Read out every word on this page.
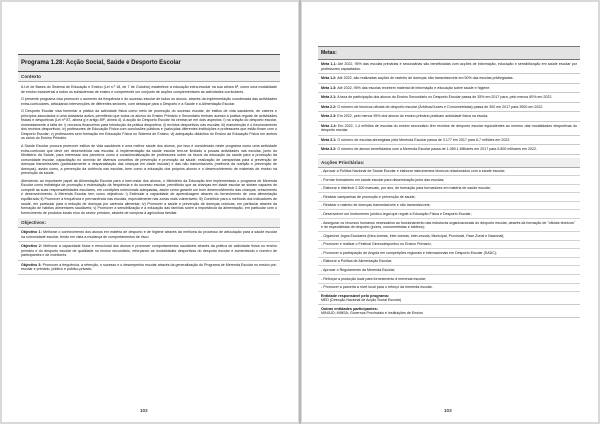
Programa 1.28: Acção Social, Saúde e Desporto Escolar
Contexto

A Lei de Bases do Sistema de Educação e Ensino (Lei n.º 18, de 7 de Outubro) estabelece a educação extra-escolar na sua alínea 6ª, como uma modalidade de ensino transversal a todos os subsistemas de ensino e compreende um conjunto de acções complementares às actividades curriculares.

O presente programa visa promover o aumento da frequência e do sucesso escolar de todos os alunos, através da implementação coordenada das actividades extra-curriculares, articulando intervenções de diferentes sectores, com destaque para o Desporto e a Saúde e a Alimentação Escolar.

O Desporto Escolar visa fomentar a prática da actividade física como meio de promoção do sucesso escolar, de estilos de vida saudáveis, de valores e princípios associados a uma cidadania activa, permitindo que todos os alunos do Ensino Primário e Secundário tenham acesso à prática regular de actividades físicas e desportivas (Lei nº 87, alínea g e artigo 89º, alínea 4). A acção do Desporto Escolar irá centrar-se em dois aspectos: i) na criação do desporto escolar, nomeadamente a falta de: i) recursos financeiros para introdução da prática desportiva; ii) recintos desportivos nas escolas; iii) manutenção e o funcionamento dos recintos desportivos; iv) professores de Educação Física com conclusões públicos e (salvo)das diferentes instituições e professores que estão fixam com o Desporto Escolar; v) professores sem formação em Educação Física no Sistema de Ensino; vi) adequação didáctica do Ensino da Educação Física em ambos os ciclos do Ensino Primário.

A Saúde Escolar procura promover estilos de vida saudáveis e uma melhor saúde dos alunos, por isso é considerado neste programa como uma actividade extra-curricular que deve ser desenvolvida nas escolas. A implementação da saúde escolar tem-se limitado a poucas actividades nas escolas, junto do Ministério da Saúde, para interessar dos parceiros como a consciencialização de professores sobre os riscos da educação da saúde para a promoção da comunidade escolar, capacitação no domínio de diversos conceitos de prevenção e promoção da saúde, realização de campanhas para a prevenção de doenças transmissíveis (particularmente a desparasitação das crianças em idade escolar) e das não transmissíveis (melhoria da nutrição e prevenção de doenças), assim como, a prevenção da violência nas escolas, bem como a educação dos próprios alunos e o desenvolvimento de materiais de ensino na prevenção da saúde.

Atendendo ao importante papel da Alimentação Escolar para o bem-estar dos alunos, o Ministério da Educação tem implementado o programa de Merenda Escolar como estratégia de promoção e estimulação da frequência e do sucesso escolar, permitindo que as crianças em idade escolar se sintam capazes de competir as suas responsabilidades escolares, em condições nutricionais adequadas, assim como garantir um bom desenvolvimento das crianças, crescimento e desenvolvimento. A Merenda Escolar tem como objectivos: i) Estimular a capacidade de aprendizagem através do fornecimento de uma alimentação equilibrada; ii) Promover a frequência e permanência nas escolas, especialmente nas zonas mais vulneráveis; iii) Contribuir para a melhoria dos indicadores de saúde, em particular para a redução de doenças por carência alimentar; iv) Promover a saúde e prevenção de doenças crónicas, em particular através da formação de hábitos alimentares saudáveis; v) Promover a sensibilização e a educação das famílias sobre a importância da alimentação, em particular com o fornecimento de produtos locais e/ou do sector primário, através de compras à agricultura familiar.

Objectivos:
Objectivo 1: Melhorar o conhecimento dos alunos em matéria de desporto e de higiene através da melhoria do processo de articulação para a saúde escolar na comunidade escolar, tendo em vista a mudança de comportamentos de risco.
Objectivo 2: Melhorar a capacidade física e emocional dos alunos e promover comportamentos saudáveis através da prática de actividade física no ensino primário e do desporto escolar de qualidade no ensino secundário, reforçando as modalidades desportivas do desporto escolar e aumentando o número de participantes e de monitores.
Objectivo 3: Promover a frequência, a retenção, o sucesso e o desempenho escolar através da generalização do Programa de Merenda Escolar no ensino pré-escolar e primário, público e público-privado.
102
Metas:
Meta 1.1: Até 2022, 95% das escolas primárias e secundárias são beneficiadas com acções de informação, educação e sensibilização em saúde escolar por professores capacitados.
Meta 1.2: Até 2022, são realizadas acções de rastreio de doenças não transmissíveis em 50% das escolas privilegiadas.
Meta 1.3: Até 2022, 95% das escolas recebem material de informação e educação sobre saúde e higiene.
Meta 2.1: A taxa de participação dos alunos do Ensino Secundário no Desporto Escolar passa de 35% em 2017 para, pelo menos 60% em 2022.
Meta 2.2: O número de técnicos oficiais de desporto escolar (Árbitros/Juízes e Cronometristas) passa de 300 em 2017 para 3500 em 2022.
Meta 2.3: Em 2022, pelo menos 95% dos alunos do ensino primário praticam actividade física na escola.
Meta 2.4: Em 2022, 1,4 milhões de escolas do ensino secundário têm recintos de desporto escolar equivalentes ao número das modalidades desportivas do desporto escolar.
Meta 3.1: O número de escolas abrangidas pela Merenda Escolar passa de 3.177 em 2017 para 6.7 milhões em 2022.
Meta 3.2: O número de alunos beneficiados com a Merenda Escolar passa de 1.089.1 Milhares em 2017 para 5.800 milhares em 2022.
Acções Prioritárias:
- Aprovar a Política Nacional de Saúde Escolar e elaborar instrumentos técnicos relacionados com a saúde escolar;
- Formar formadores em saúde escolar para disseminação junto das escolas;
- Elaborar e distribuir 2.300 manuais, por ano, de formação para formadores em matéria de saúde escolar;
- Realizar campanhas de promoção e prevenção de saúde;
- Realizar o rastreio de doenças transmissíveis e não transmissíveis;
- Desenvolver um Instrumento jurídico-legal que regule a Educação Física e Desporto Escolar;
- Assegurar os recursos humanos necessários ao funcionamento das estruturas organizacionais do desporto escolar, através da formação de "oficiais técnicos" e de especialistas de desporto (juízes, cronometristas e árbitros);
- Organizar Jogos Escolares (intra-turmas, inter-turmas, inter-escola, Municipal, Provincial, Fase Zonal e Nacional);
- Promover e realizar o Festival Gimnodesportivo no Ensino Primário;
- Promover a participação de Angola em competições regionais e internacionais em Desporto Escolar (SADC);
- Elaborar a Política de Alimentação Escolar;
- Aprovar o Regulamento da Merenda Escolar;
- Reforçar a produção local para fornecimento à merenda escolar;
- Promover a parceria a nível local para o reforço da merenda escolar.
Entidade responsável pelo programa:
MED (Direcção Nacional de Acção Social Escolar)
Outras entidades participantes:
MINJUD; MINSA; Governos Provinciais e Instituições de Ensino
103
